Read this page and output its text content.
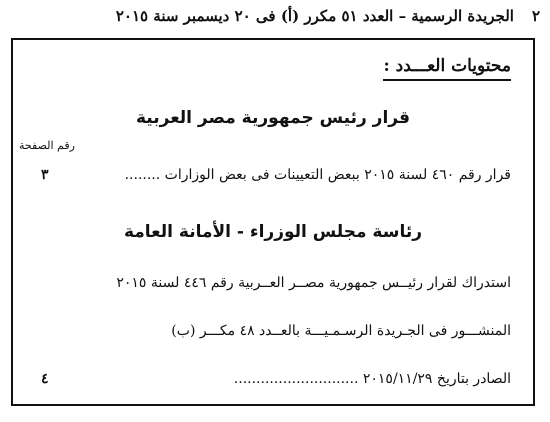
٢الجريدة الرسمية – العدد ٥١ مكرر (أ) فى ٢٠ ديسمبر سنة ٢٠١٥
محتويات العـــدد :
قرار رئيس جمهورية مصر العربية
رقم الصفحة
قرار رقم ٤٦٠ لسنة ٢٠١٥ ببعض التعيينات فى بعض الوزارات ........
٣
رئاسة مجلس الوزراء - الأمانة العامة
استدراك لقرار رئيــس جمهورية مصــر العــربية رقم ٤٤٦ لسنة ٢٠١٥
المنشـــور فى الجـريدة الرسـمـيـــة بالعــدد ٤٨ مكـــر (ب)
الصادر بتاريخ ٢٠١٥/١١/٢٩ ............................
٤
